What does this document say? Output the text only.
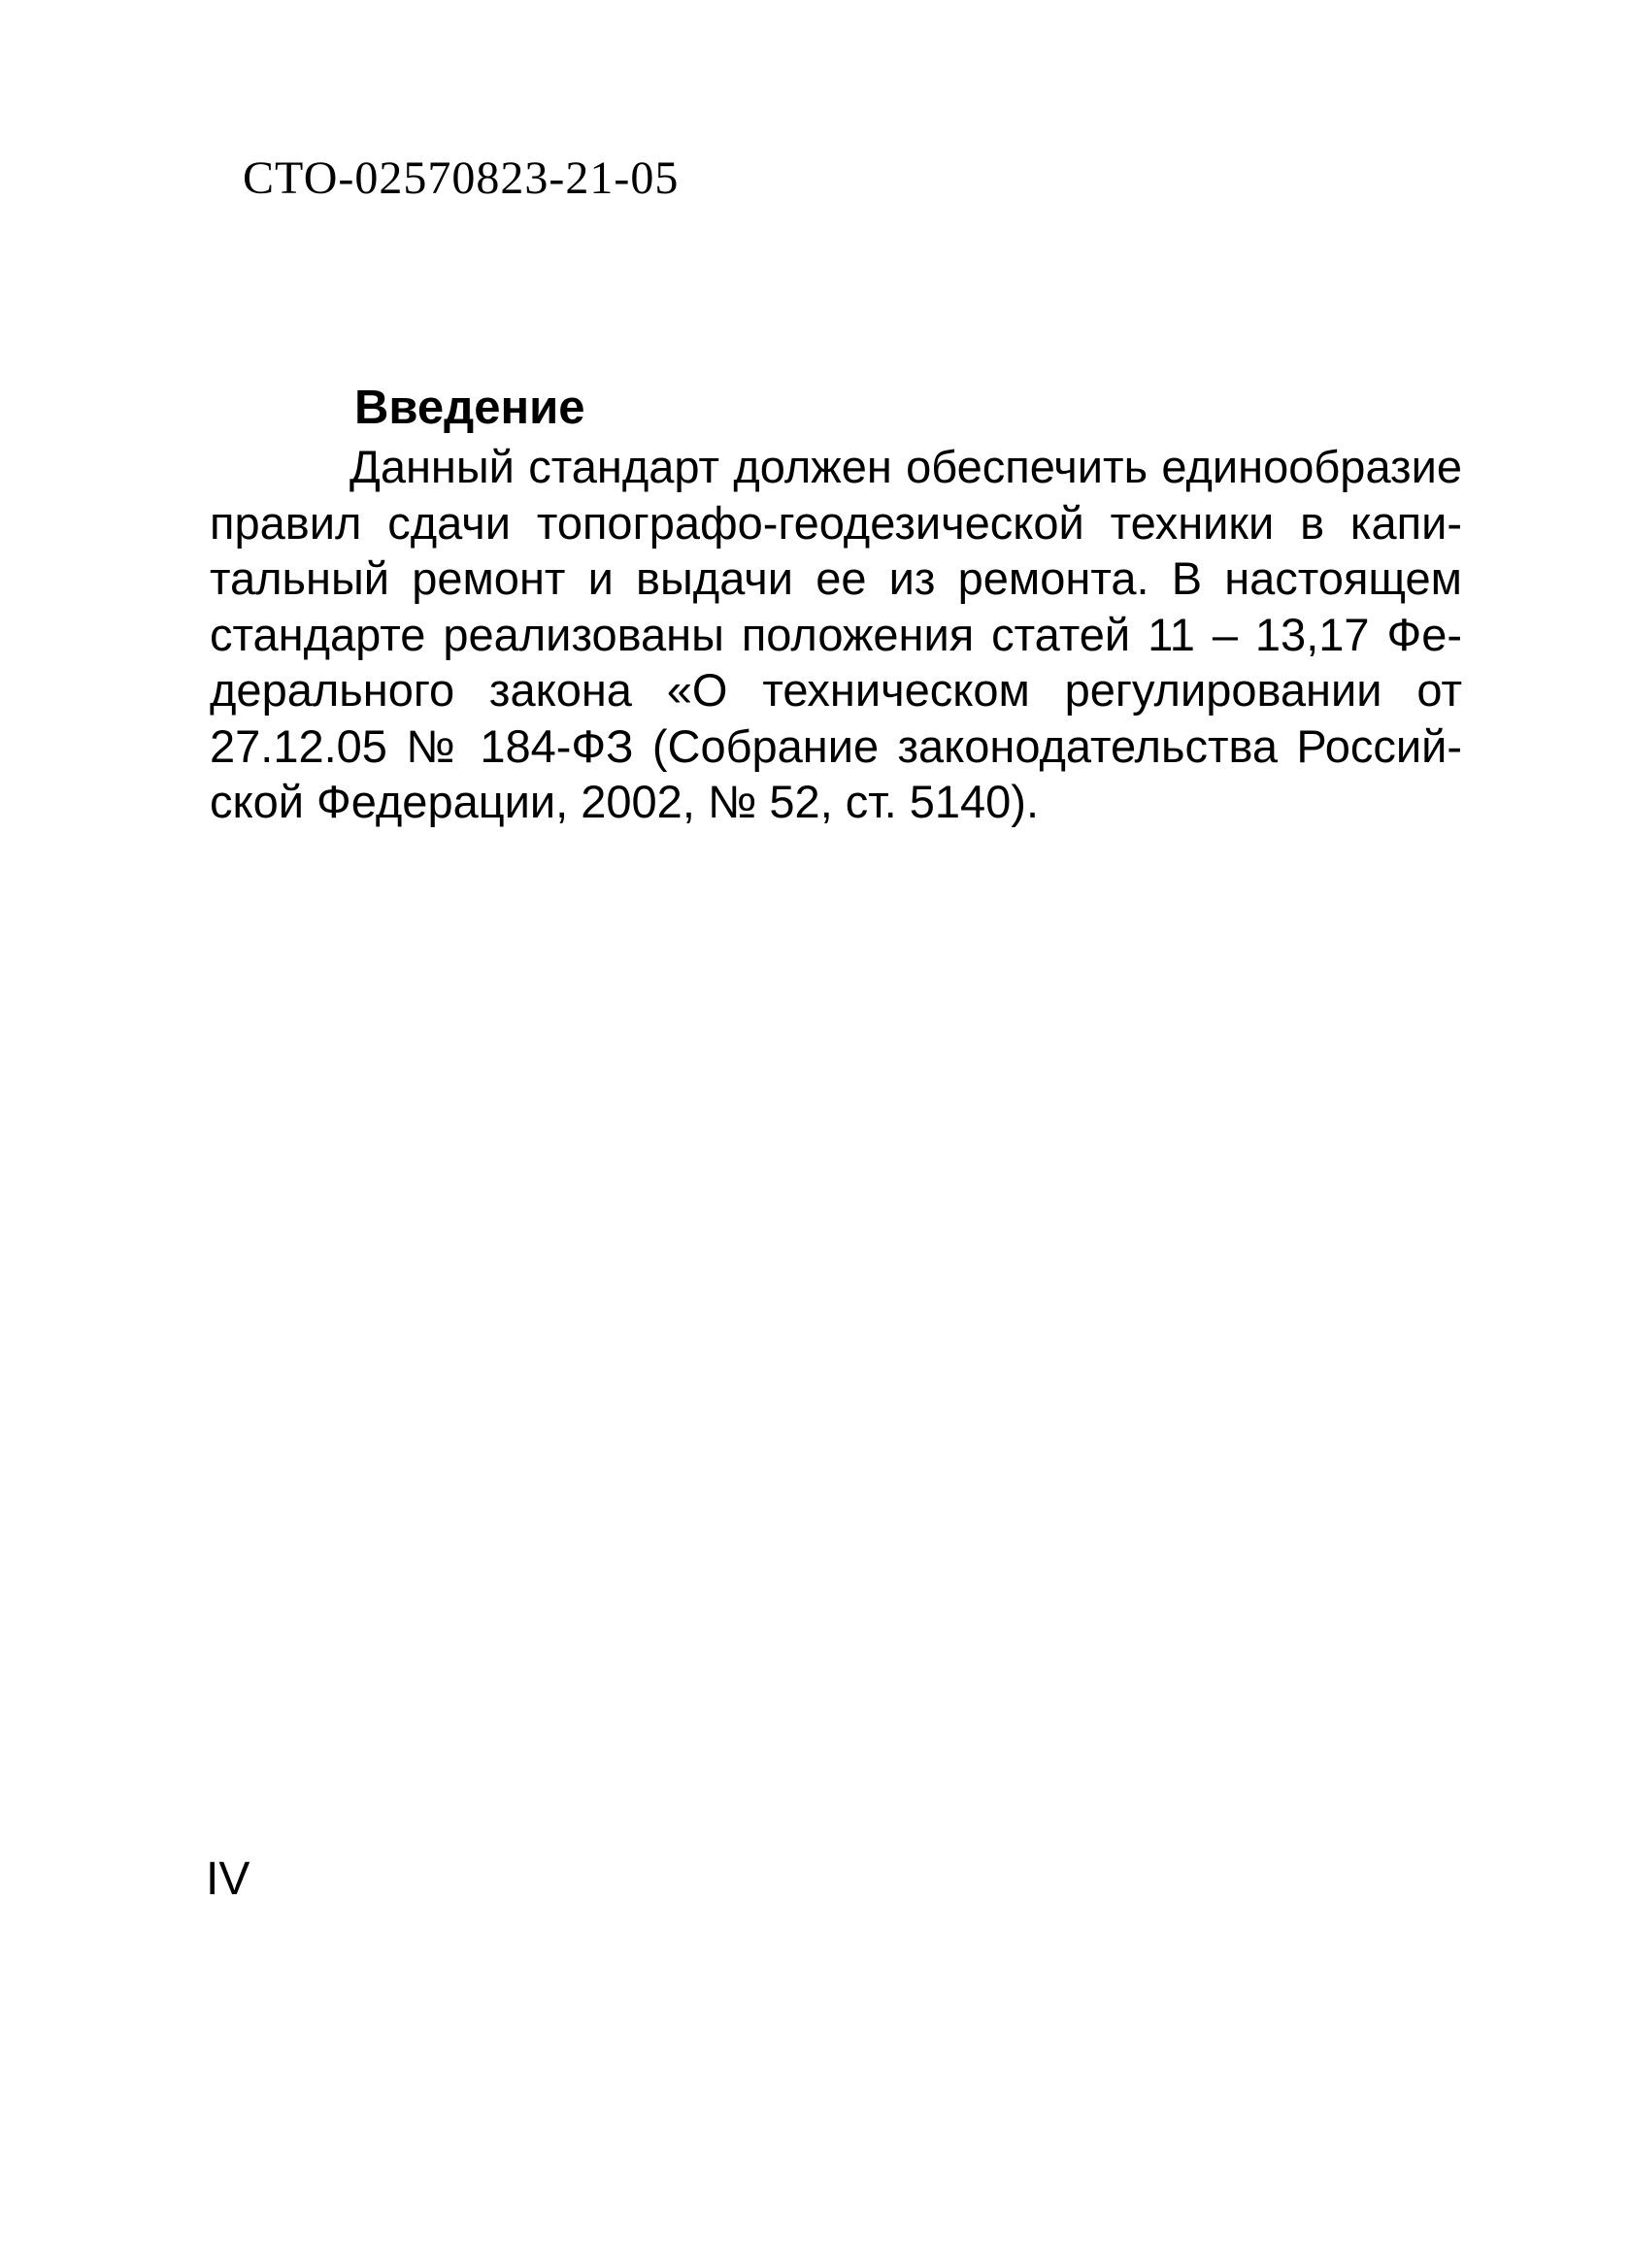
СТО-02570823-21-05
Введение
Данный стандарт должен обеспечить единообразие
правил сдачи топографо-геодезической техники в капи-
тальный ремонт и выдачи ее из ремонта. В настоящем
стандарте реализованы положения статей 11 – 13,17 Фе-
дерального закона «О техническом регулировании от
27.12.05 № 184-ФЗ (Собрание законодательства Россий-
ской Федерации, 2002, № 52, ст. 5140).
IV
